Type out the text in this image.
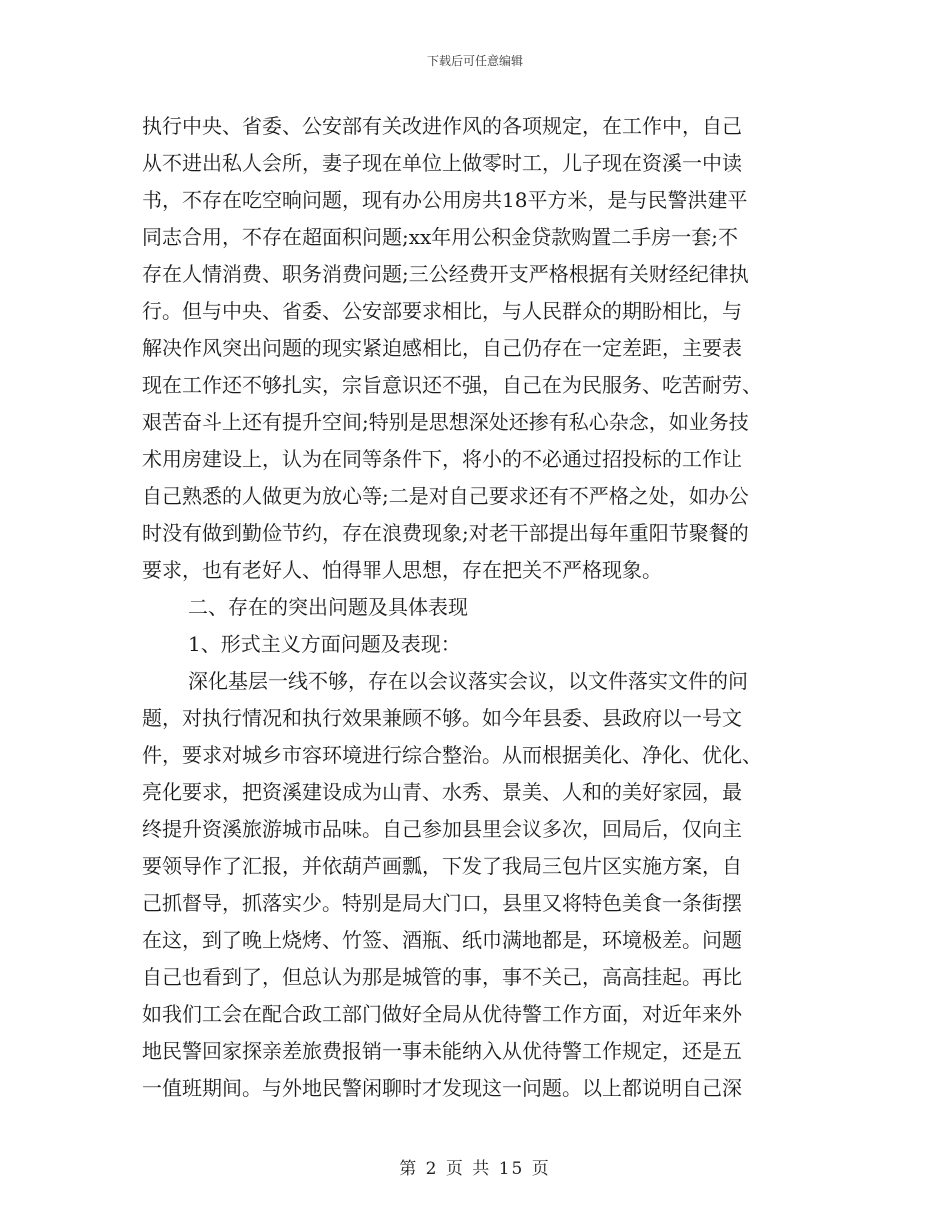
下载后可任意编辑
执行中央、省委、公安部有关改进作风的各项规定，在工作中，自己
从不进出私人会所，妻子现在单位上做零时工，儿子现在资溪一中读
书，不存在吃空晌问题，现有办公用房共18平方米，是与民警洪建平
同志合用，不存在超面积问题;xx年用公积金贷款购置二手房一套;不
存在人情消费、职务消费问题;三公经费开支严格根据有关财经纪律执
行。但与中央、省委、公安部要求相比，与人民群众的期盼相比，与
解决作风突出问题的现实紧迫感相比，自己仍存在一定差距，主要表
现在工作还不够扎实，宗旨意识还不强，自己在为民服务、吃苦耐劳、
艰苦奋斗上还有提升空间;特别是思想深处还掺有私心杂念，如业务技
术用房建设上，认为在同等条件下，将小的不必通过招投标的工作让
自己熟悉的人做更为放心等;二是对自己要求还有不严格之处，如办公
时没有做到勤俭节约，存在浪费现象;对老干部提出每年重阳节聚餐的
要求，也有老好人、怕得罪人思想，存在把关不严格现象。
二、存在的突出问题及具体表现
1、形式主义方面问题及表现：
深化基层一线不够，存在以会议落实会议，以文件落实文件的问
题，对执行情况和执行效果兼顾不够。如今年县委、县政府以一号文
件，要求对城乡市容环境进行综合整治。从而根据美化、净化、优化、
亮化要求，把资溪建设成为山青、水秀、景美、人和的美好家园，最
终提升资溪旅游城市品味。自己参加县里会议多次，回局后，仅向主
要领导作了汇报，并依葫芦画瓢，下发了我局三包片区实施方案，自
己抓督导，抓落实少。特别是局大门口，县里又将特色美食一条街摆
在这，到了晚上烧烤、竹签、酒瓶、纸巾满地都是，环境极差。问题
自己也看到了，但总认为那是城管的事，事不关己，高高挂起。再比
如我们工会在配合政工部门做好全局从优待警工作方面，对近年来外
地民警回家探亲差旅费报销一事未能纳入从优待警工作规定，还是五
一值班期间。与外地民警闲聊时才发现这一问题。以上都说明自己深
第 2 页 共 15 页
